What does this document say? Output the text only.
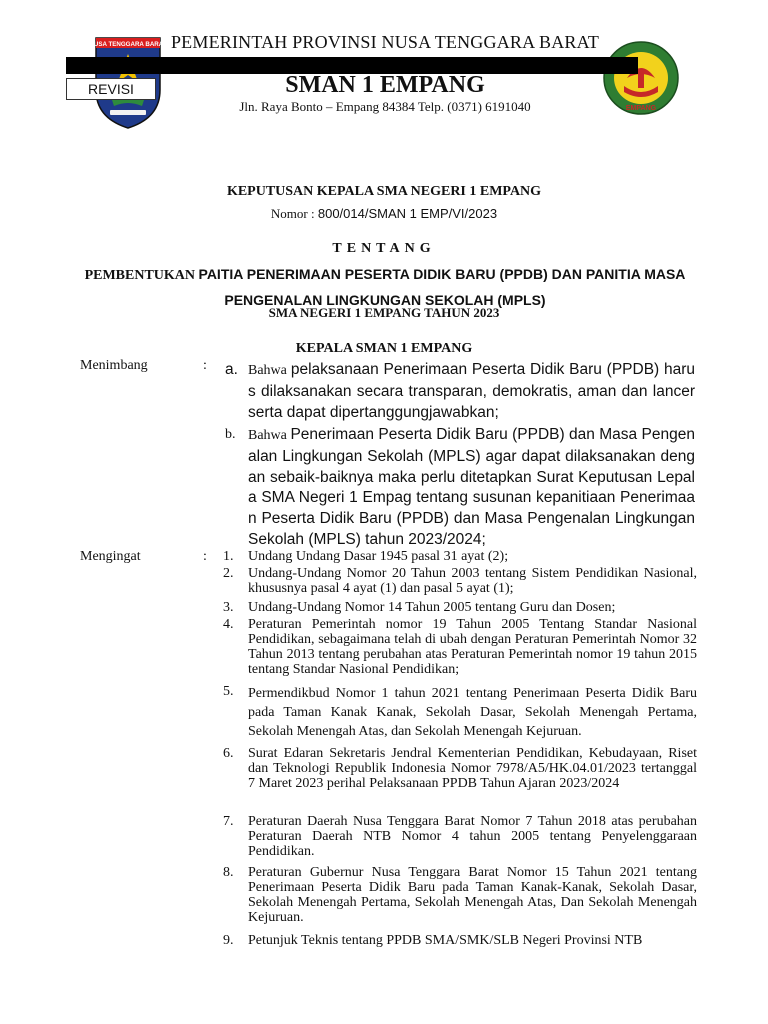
NUSA TENGGARA BARAT
EMPANG
PEMERINTAH PROVINSI NUSA TENGGARA BARAT
REVISI	SMAN 1 EMPANG
Jln. Raya Bonto – Empang 84384 Telp. (0371) 6191040
KEPUTUSAN KEPALA SMA NEGERI 1 EMPANG
Nomor : 800/014/SMAN 1 EMP/VI/2023
TENTANG
PEMBENTUKAN PAITIA PENERIMAAN PESERTA DIDIK BARU (PPDB) DAN PANITIA MASA PENGENALAN LINGKUNGAN SEKOLAH (MPLS)
SMA NEGERI 1 EMPANG TAHUN 2023
KEPALA SMAN 1 EMPANG
Menimbang	: a. Bahwa pelaksanaan Penerimaan Peserta Didik Baru (PPDB) harus dilaksanakan secara transparan, demokratis, aman dan lancer serta dapat dipertanggungjawabkan;
b. Bahwa Penerimaan Peserta Didik Baru (PPDB) dan Masa Pengenalan Lingkungan Sekolah (MPLS) agar dapat dilaksanakan dengan sebaik-baiknya maka perlu ditetapkan Surat Keputusan Lepala SMA Negeri 1 Empag tentang susunan kepanitiaan Penerimaan Peserta Didik Baru (PPDB) dan Masa Pengenalan Lingkungan Sekolah (MPLS) tahun 2023/2024;
Mengingat	: 1.	Undang Undang Dasar 1945 pasal 31 ayat (2);
2.	Undang-Undang Nomor 20 Tahun 2003 tentang Sistem Pendidikan Nasional, khususnya pasal 4 ayat (1) dan pasal 5 ayat (1);
3.	Undang-Undang Nomor 14 Tahun 2005 tentang Guru dan Dosen;
4.	Peraturan Pemerintah nomor 19 Tahun 2005 Tentang Standar Nasional Pendidikan, sebagaimana telah di ubah dengan Peraturan Pemerintah Nomor 32 Tahun 2013 tentang perubahan atas Peraturan Pemerintah nomor 19 tahun 2015 tentang Standar Nasional Pendidikan;
5.	Permendikbud Nomor 1 tahun 2021 tentang Penerimaan Peserta Didik Baru pada Taman Kanak Kanak, Sekolah Dasar, Sekolah Menengah Pertama, Sekolah Menengah Atas, dan Sekolah Menengah Kejuruan.
6.	Surat Edaran Sekretaris Jendral Kementerian Pendidikan, Kebudayaan, Riset dan Teknologi Republik Indonesia Nomor 7978/A5/HK.04.01/2023 tertanggal 7 Maret 2023 perihal Pelaksanaan PPDB Tahun Ajaran 2023/2024
7.	Peraturan Daerah Nusa Tenggara Barat Nomor 7 Tahun 2018 atas perubahan Peraturan Daerah NTB Nomor 4 tahun 2005 tentang Penyelenggaraan Pendidikan.
8.	Peraturan Gubernur Nusa Tenggara Barat Nomor 15 Tahun 2021 tentang Penerimaan Peserta Didik Baru pada Taman Kanak-Kanak, Sekolah Dasar, Sekolah Menengah Pertama, Sekolah Menengah Atas, Dan Sekolah Menengah Kejuruan.
9.	Petunjuk Teknis tentang PPDB SMA/SMK/SLB Negeri Provinsi NTB
